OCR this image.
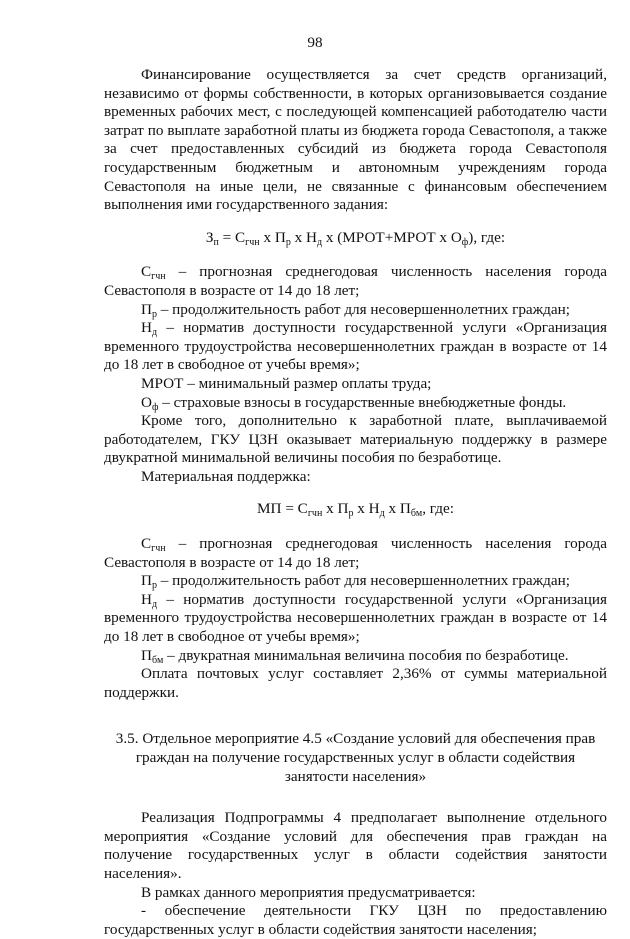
98

Финансирование осуществляется за счет средств организаций, независимо от формы собственности, в которых организовывается создание временных рабочих мест, с последующей компенсацией работодателю части затрат по выплате заработной платы из бюджета города Севастополя, а также за счет предоставленных субсидий из бюджета города Севастополя государственным бюджетным и автономным учреждениям города Севастополя на иные цели, не связанные с финансовым обеспечением выполнения ими государственного задания:

$З_п = С_{гчн}$ х $П_р$ х $Н_д$ х (МРОТ+МРОТ х $О_ф$), где:

$С_{гчн}$ – прогнозная среднегодовая численность населения города Севастополя в возрасте от 14 до 18 лет;

$П_р$ – продолжительность работ для несовершеннолетних граждан;

$Н_д$ – норматив доступности государственной услуги «Организация временного трудоустройства несовершеннолетних граждан в возрасте от 14 до 18 лет в свободное от учебы время»;

МРОТ – минимальный размер оплаты труда;

$О_ф$ – страховые взносы в государственные внебюджетные фонды.

Кроме того, дополнительно к заработной плате, выплачиваемой работодателем, ГКУ ЦЗН оказывает материальную поддержку в размере двукратной минимальной величины пособия по безработице.

Материальная поддержка:

МП = $С_{гчн}$ х $П_р$ х $Н_д$ х $П_{бм}$, где:

$С_{гчн}$ – прогнозная среднегодовая численность населения города Севастополя в возрасте от 14 до 18 лет;

$П_р$ – продолжительность работ для несовершеннолетних граждан;

$Н_д$ – норматив доступности государственной услуги «Организация временного трудоустройства несовершеннолетних граждан в возрасте от 14 до 18 лет в свободное от учебы время»;

$П_{бм}$ – двукратная минимальная величина пособия по безработице.

Оплата почтовых услуг составляет 2,36% от суммы материальной поддержки.

3.5. Отдельное мероприятие 4.5 «Создание условий для обеспечения прав граждан на получение государственных услуг в области содействия занятости населения»

Реализация Подпрограммы 4 предполагает выполнение отдельного мероприятия «Создание условий для обеспечения прав граждан на получение государственных услуг в области содействия занятости населения».

В рамках данного мероприятия предусматривается:

- обеспечение деятельности ГКУ ЦЗН по предоставлению государственных услуг в области содействия занятости населения;
